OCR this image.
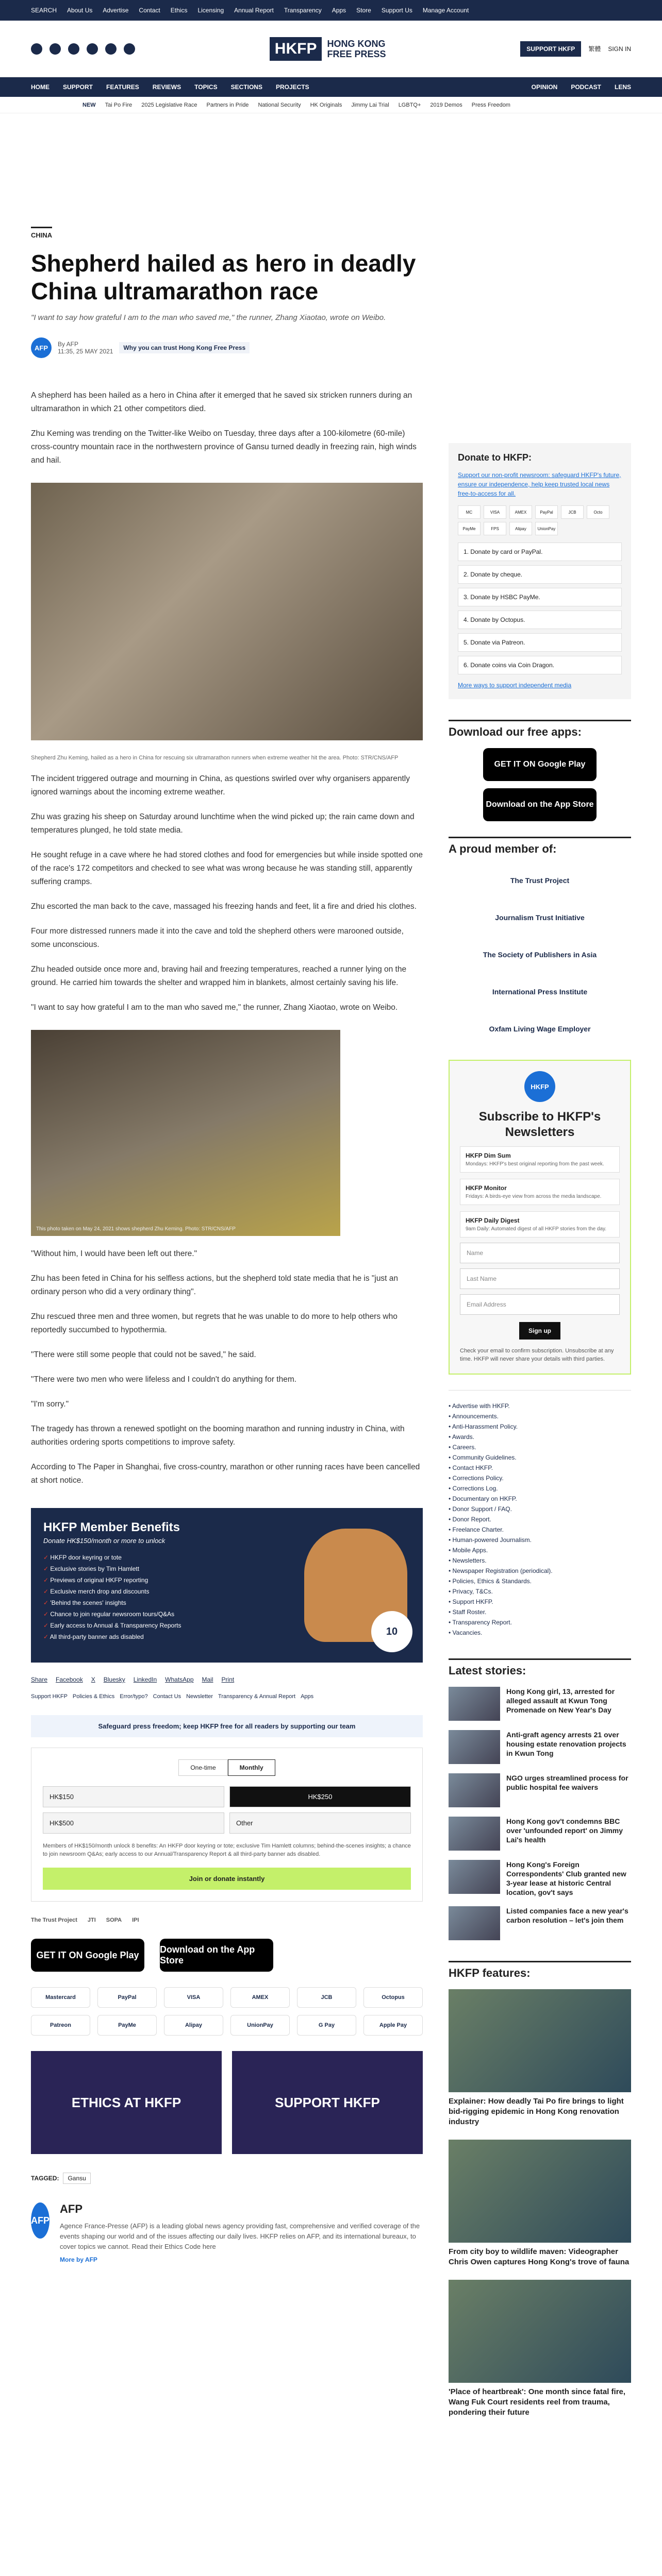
SEARCH About Us Advertise Contact Ethics Licensing Annual Report Transparency Apps Store Support Us Manage Account
HKFP	HONG KONG
FREE PRESS	SUPPORT HKFP	繁體 SIGN IN
HOME SUPPORT FEATURES REVIEWS TOPICS SECTIONS PROJECTS	OPINION PODCAST LENS
NEW Tai Po Fire 2025 Legislative Race Partners in Pride National Security HK Originals Jimmy Lai Trial LGBTQ+ 2019 Demos Press Freedom
CHINA
Shepherd hailed as hero in deadly China ultramarathon race
"I want to say how grateful I am to the man who saved me," the runner, Zhang Xiaotao, wrote on Weibo.
AFP	By AFP
11:35, 25 MAY 2021	Why you can trust Hong Kong Free Press

A shepherd has been hailed as a hero in China after it emerged that he saved six stricken runners during an ultramarathon in which 21 other competitors died.

Zhu Keming was trending on the Twitter-like Weibo on Tuesday, three days after a 100-kilometre (60-mile) cross-country mountain race in the northwestern province of Gansu turned deadly in freezing rain, high winds and hail.

Shepherd Zhu Keming, hailed as a hero in China for rescuing six ultramarathon runners when extreme weather hit the area. Photo: STR/CNS/AFP

The incident triggered outrage and mourning in China, as questions swirled over why organisers apparently ignored warnings about the incoming extreme weather.

Zhu was grazing his sheep on Saturday around lunchtime when the wind picked up; the rain came down and temperatures plunged, he told state media.

He sought refuge in a cave where he had stored clothes and food for emergencies but while inside spotted one of the race's 172 competitors and checked to see what was wrong because he was standing still, apparently suffering cramps.

Zhu escorted the man back to the cave, massaged his freezing hands and feet, lit a fire and dried his clothes.

Four more distressed runners made it into the cave and told the shepherd others were marooned outside, some unconscious.

Zhu headed outside once more and, braving hail and freezing temperatures, reached a runner lying on the ground. He carried him towards the shelter and wrapped him in blankets, almost certainly saving his life.

"I want to say how grateful I am to the man who saved me," the runner, Zhang Xiaotao, wrote on Weibo.

This photo taken on May 24, 2021 shows shepherd Zhu Keming. Photo: STR/CNS/AFP

"Without him, I would have been left out there."

Zhu has been feted in China for his selfless actions, but the shepherd told state media that he is "just an ordinary person who did a very ordinary thing".

Zhu rescued three men and three women, but regrets that he was unable to do more to help others who reportedly succumbed to hypothermia.

"There were still some people that could not be saved," he said.

"There were two men who were lifeless and I couldn't do anything for them.

"I'm sorry."

The tragedy has thrown a renewed spotlight on the booming marathon and running industry in China, with authorities ordering sports competitions to improve safety.

According to The Paper in Shanghai, five cross-country, marathon or other running races have been cancelled at short notice.

HKFP Member Benefits
Donate HK$150/month or more to unlock
✓ HKFP door keyring or tote
✓ Exclusive stories by Tim Hamlett
✓ Previews of original HKFP reporting
✓ Exclusive merch drop and discounts
✓ 'Behind the scenes' insights
✓ Chance to join regular newsroom tours/Q&As
✓ Early access to Annual & Transparency Reports
✓ All third-party banner ads disabled	10
Share Facebook X Bluesky LinkedIn WhatsApp Mail Print
Support HKFP Policies & Ethics Error/typo? Contact Us Newsletter Transparency & Annual Report Apps
Safeguard press freedom; keep HKFP free for all readers by supporting our team
One-time	Monthly
HK$150	HK$250
HK$500	Other
Members of HK$150/month unlock 8 benefits: An HKFP door keyring or tote; exclusive Tim Hamlett columns; behind-the-scenes insights; a chance to join newsroom Q&As; early access to our Annual/Transparency Report & all third-party banner ads disabled.
Join or donate instantly
The Trust Project JTI SOPA IPI
GET IT ON Google Play
Download on the App Store
Mastercard	PayPal	VISA	AMEX	JCB	Octopus
Patreon	PayMe	Alipay	UnionPay	G Pay	Apple Pay
ETHICS AT HKFP	SUPPORT HKFP
TAGGED: Gansu
AFP
AFP

Agence France-Presse (AFP) is a leading global news agency providing fast, comprehensive and verified coverage of the events shaping our world and of the issues affecting our daily lives. HKFP relies on AFP, and its international bureaux, to cover topics we cannot. Read their Ethics Code here

More by AFP
Donate to HKFP:
Support our non-profit newsroom: safeguard HKFP's future, ensure our independence, help keep trusted local news free-to-access for all.
MC	VISA	AMEX	PayPal	JCB	Octo
PayMe	FPS	Alipay	UnionPay
1. Donate by card or PayPal.
2. Donate by cheque.
3. Donate by HSBC PayMe.
4. Donate by Octopus.
5. Donate via Patreon.
6. Donate coins via Coin Dragon.
More ways to support independent media
Download our free apps:
GET IT ON Google Play
Download on the App Store
A proud member of:
The Trust Project
Journalism Trust Initiative
The Society of Publishers in Asia
International Press Institute
Oxfam Living Wage Employer
HKFP
Subscribe to HKFP's Newsletters
HKFP Dim Sum
Mondays: HKFP's best original reporting from the past week.
HKFP Monitor
Fridays: A birds-eye view from across the media landscape.
HKFP Daily Digest
9am Daily: Automated digest of all HKFP stories from the day.
Name
Last Name
Email Address
Sign up
Check your email to confirm subscription. Unsubscribe at any time. HKFP will never share your details with third parties.
• Advertise with HKFP.
• Announcements.
• Anti-Harassment Policy.
• Awards.
• Careers.
• Community Guidelines.
• Contact HKFP.
• Corrections Policy.
• Corrections Log.
• Documentary on HKFP.
• Donor Support / FAQ.
• Donor Report.
• Freelance Charter.
• Human-powered Journalism.
• Mobile Apps.
• Newsletters.
• Newspaper Registration (periodical).
• Policies, Ethics & Standards.
• Privacy, T&Cs.
• Support HKFP.
• Staff Roster.
• Transparency Report.
• Vacancies.
Latest stories:
Hong Kong girl, 13, arrested for alleged assault at Kwun Tong Promenade on New Year's Day
Anti-graft agency arrests 21 over housing estate renovation projects in Kwun Tong
NGO urges streamlined process for public hospital fee waivers
Hong Kong gov't condemns BBC over 'unfounded report' on Jimmy Lai's health
Hong Kong's Foreign Correspondents' Club granted new 3-year lease at historic Central location, gov't says
Listed companies face a new year's carbon resolution – let's join them
HKFP features:
Explainer: How deadly Tai Po fire brings to light bid-rigging epidemic in Hong Kong renovation industry
From city boy to wildlife maven: Videographer Chris Owen captures Hong Kong's trove of fauna
'Place of heartbreak': One month since fatal fire, Wang Fuk Court residents reel from trauma, pondering their future
